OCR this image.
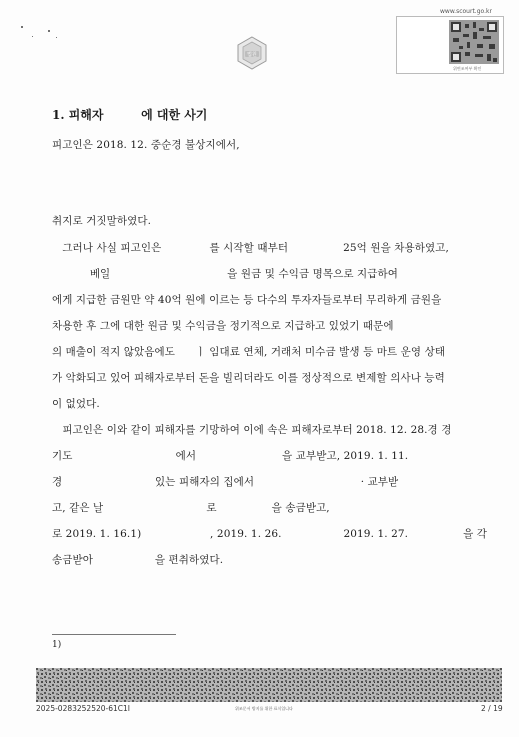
법원
www.scourt.go.kr
위변조여부 확인
1. 피해자         에 대한 사기
피고인은 2018. 12. 중순경 불상지에서,
취지로 거짓말하였다.
그러나 사실 피고인은              를 시작할 때부터                25억 원을 차용하였고,
베일                                  을 원금 및 수익금 명목으로 지급하여
에게 지급한 금원만 약 40억 원에 이르는 등 다수의 투자자들로부터 무리하게 금원을
차용한 후 그에 대한 원금 및 수익금을 정기적으로 지급하고 있었기 때문에
의 매출이 적지 않았음에도      ㅣ 임대료 연체, 거래처 미수금 발생 등 마트 운영 상태
가 악화되고 있어 피해자로부터 돈을 빌리더라도 이를 정상적으로 변제할 의사나 능력
이 없었다.
피고인은 이와 같이 피해자를 기망하여 이에 속은 피해자로부터 2018. 12. 28.경 경
기도                              에서                         을 교부받고, 2019. 1. 11.
경                           있는 피해자의 집에서                               · 교부받
고, 같은 날                              로                을 송금받고,
로 2019. 1. 16.1)                    , 2019. 1. 26.                  2019. 1. 27.                을 각
송금받아                  을 편취하였다.
1)
2025-0283252520-61C1I	위조문서 방지를 위한 표식입니다	2 / 19
